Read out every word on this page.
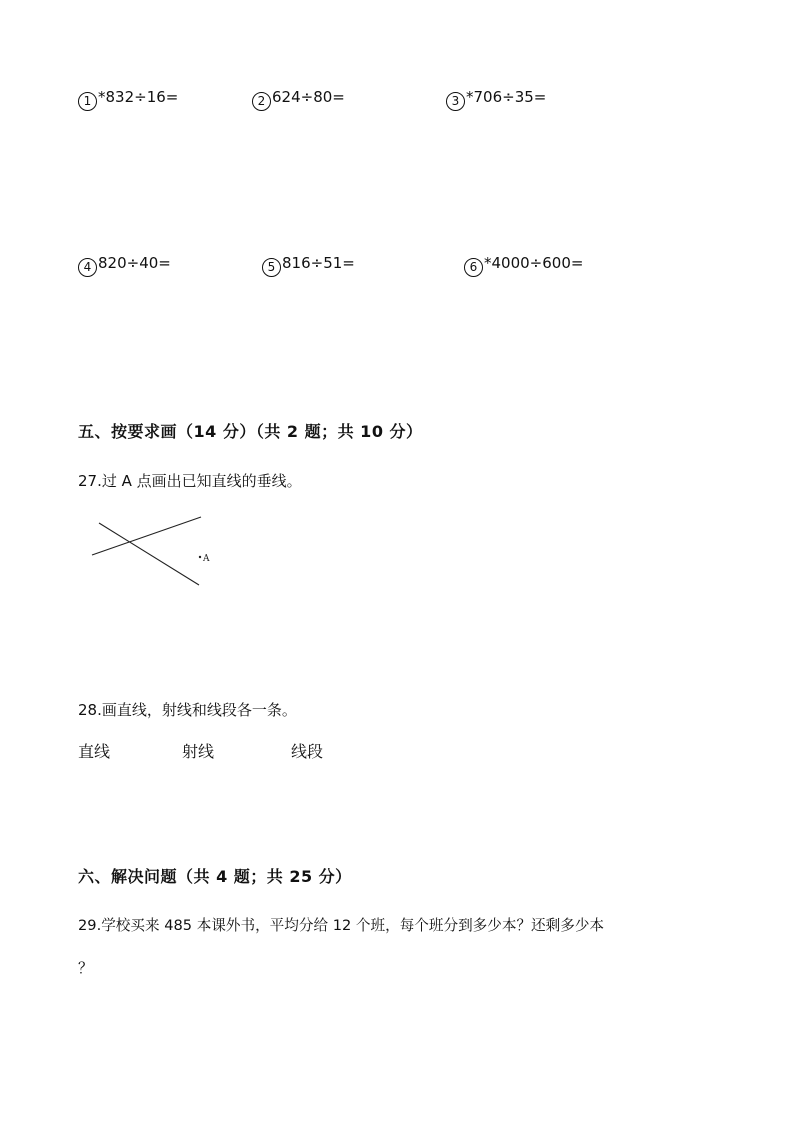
1 *832÷16=	2 624÷80=	3 *706÷35=
4 820÷40=	5 816÷51=	6 *4000÷600=
五、按要求画（14 分）（共 2 题；共 10 分）
27.过 A 点画出已知直线的垂线。
A
28.画直线，射线和线段各一条。
直线	射线	线段
六、解决问题（共 4 题；共 25 分）
29.学校买来 485 本课外书，平均分给 12 个班，每个班分到多少本？还剩多少本
？
